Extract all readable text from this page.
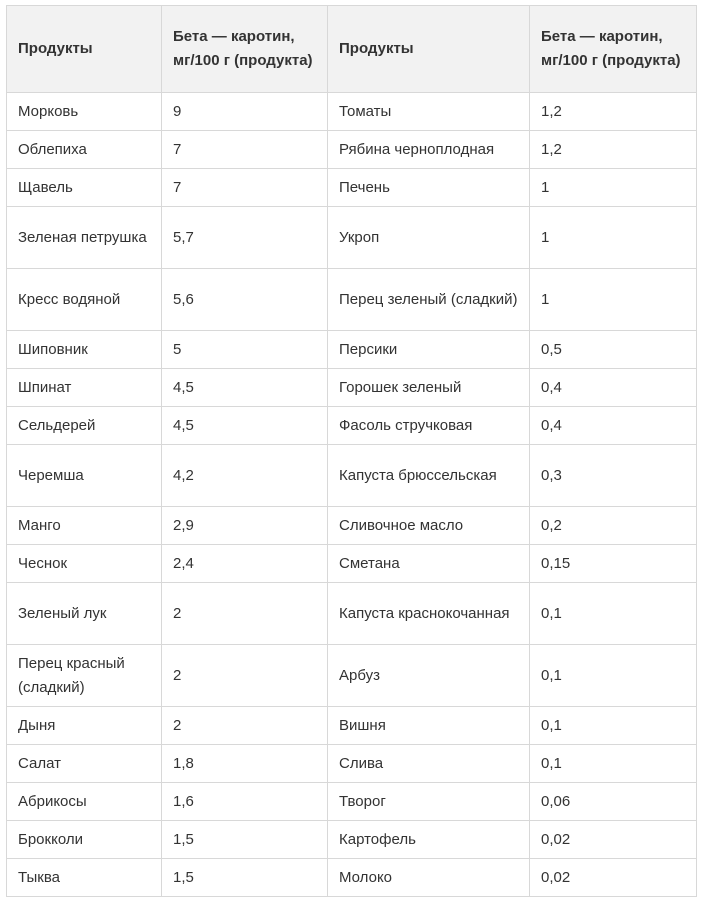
Продукты	Бета — каротин, мг/100 г (продукта)	Продукты	Бета — каротин, мг/100 г (продукта)
Морковь	9	Томаты	1,2
Облепиха	7	Рябина черноплодная	1,2
Щавель	7	Печень	1
Зеленая петрушка	5,7	Укроп	1
Кресс водяной	5,6	Перец зеленый (сладкий)	1
Шиповник	5	Персики	0,5
Шпинат	4,5	Горошек зеленый	0,4
Сельдерей	4,5	Фасоль стручковая	0,4
Черемша	4,2	Капуста брюссельская	0,3
Манго	2,9	Сливочное масло	0,2
Чеснок	2,4	Сметана	0,15
Зеленый лук	2	Капуста краснокочанная	0,1
Перец красный (сладкий)	2	Арбуз	0,1
Дыня	2	Вишня	0,1
Салат	1,8	Слива	0,1
Абрикосы	1,6	Творог	0,06
Брокколи	1,5	Картофель	0,02
Тыква	1,5	Молоко	0,02
